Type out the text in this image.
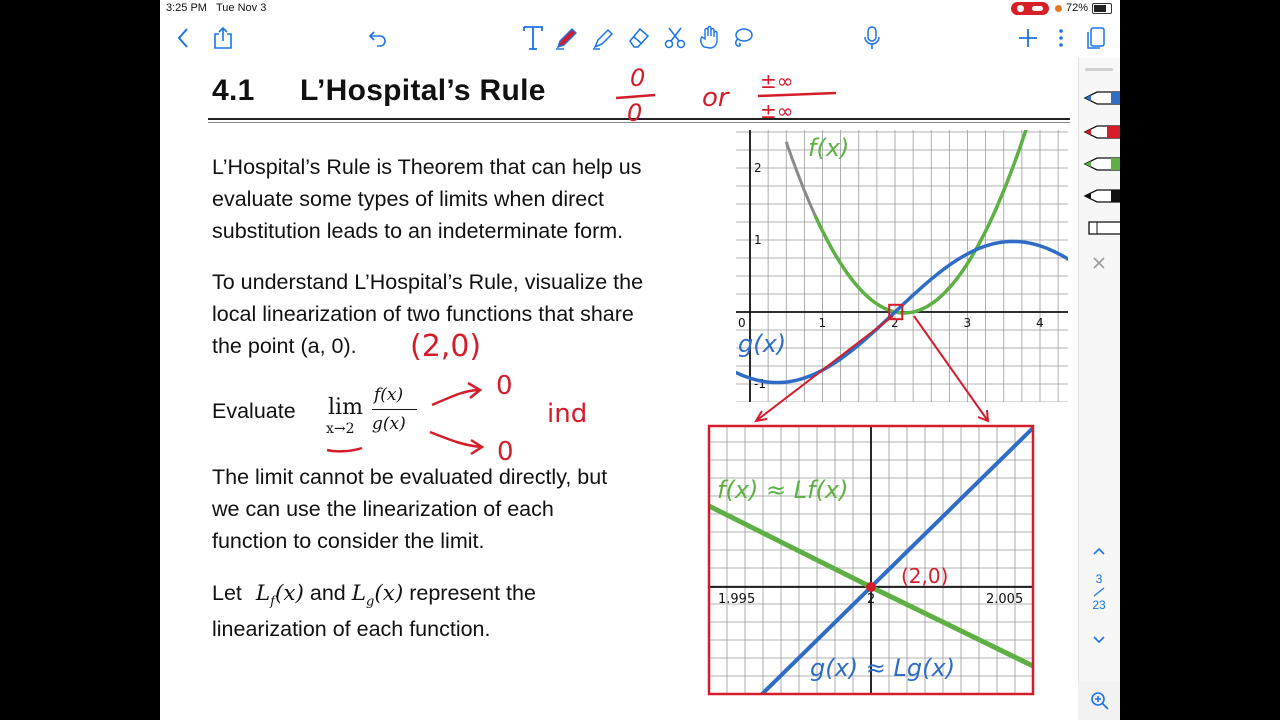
3:25 PM Tue Nov 3	72%
4.1 L’Hospital’s Rule
L’Hospital’s Rule is Theorem that can help us
evaluate some types of limits when direct
substitution leads to an indeterminate form.
To understand L’Hospital’s Rule, visualize the
local linearization of two functions that share
the point (a, 0).
Evaluate lim
x→2
f(x)
g(x)
The limit cannot be evaluated directly, but
we can use the linearization of each
function to consider the limit.
Let $L_f(x)$ and $L_g(x)$ represent the
linearization of each function.
0
0 or
±∞
±∞
(2,0)
0
0
ind
0	1	2	3	4
2
1
-1
f(x)
g(x)
1.995	2	2.005
f(x) ≈ Lf(x)
g(x) ≈ Lg(x)
(2,0)	3
23
